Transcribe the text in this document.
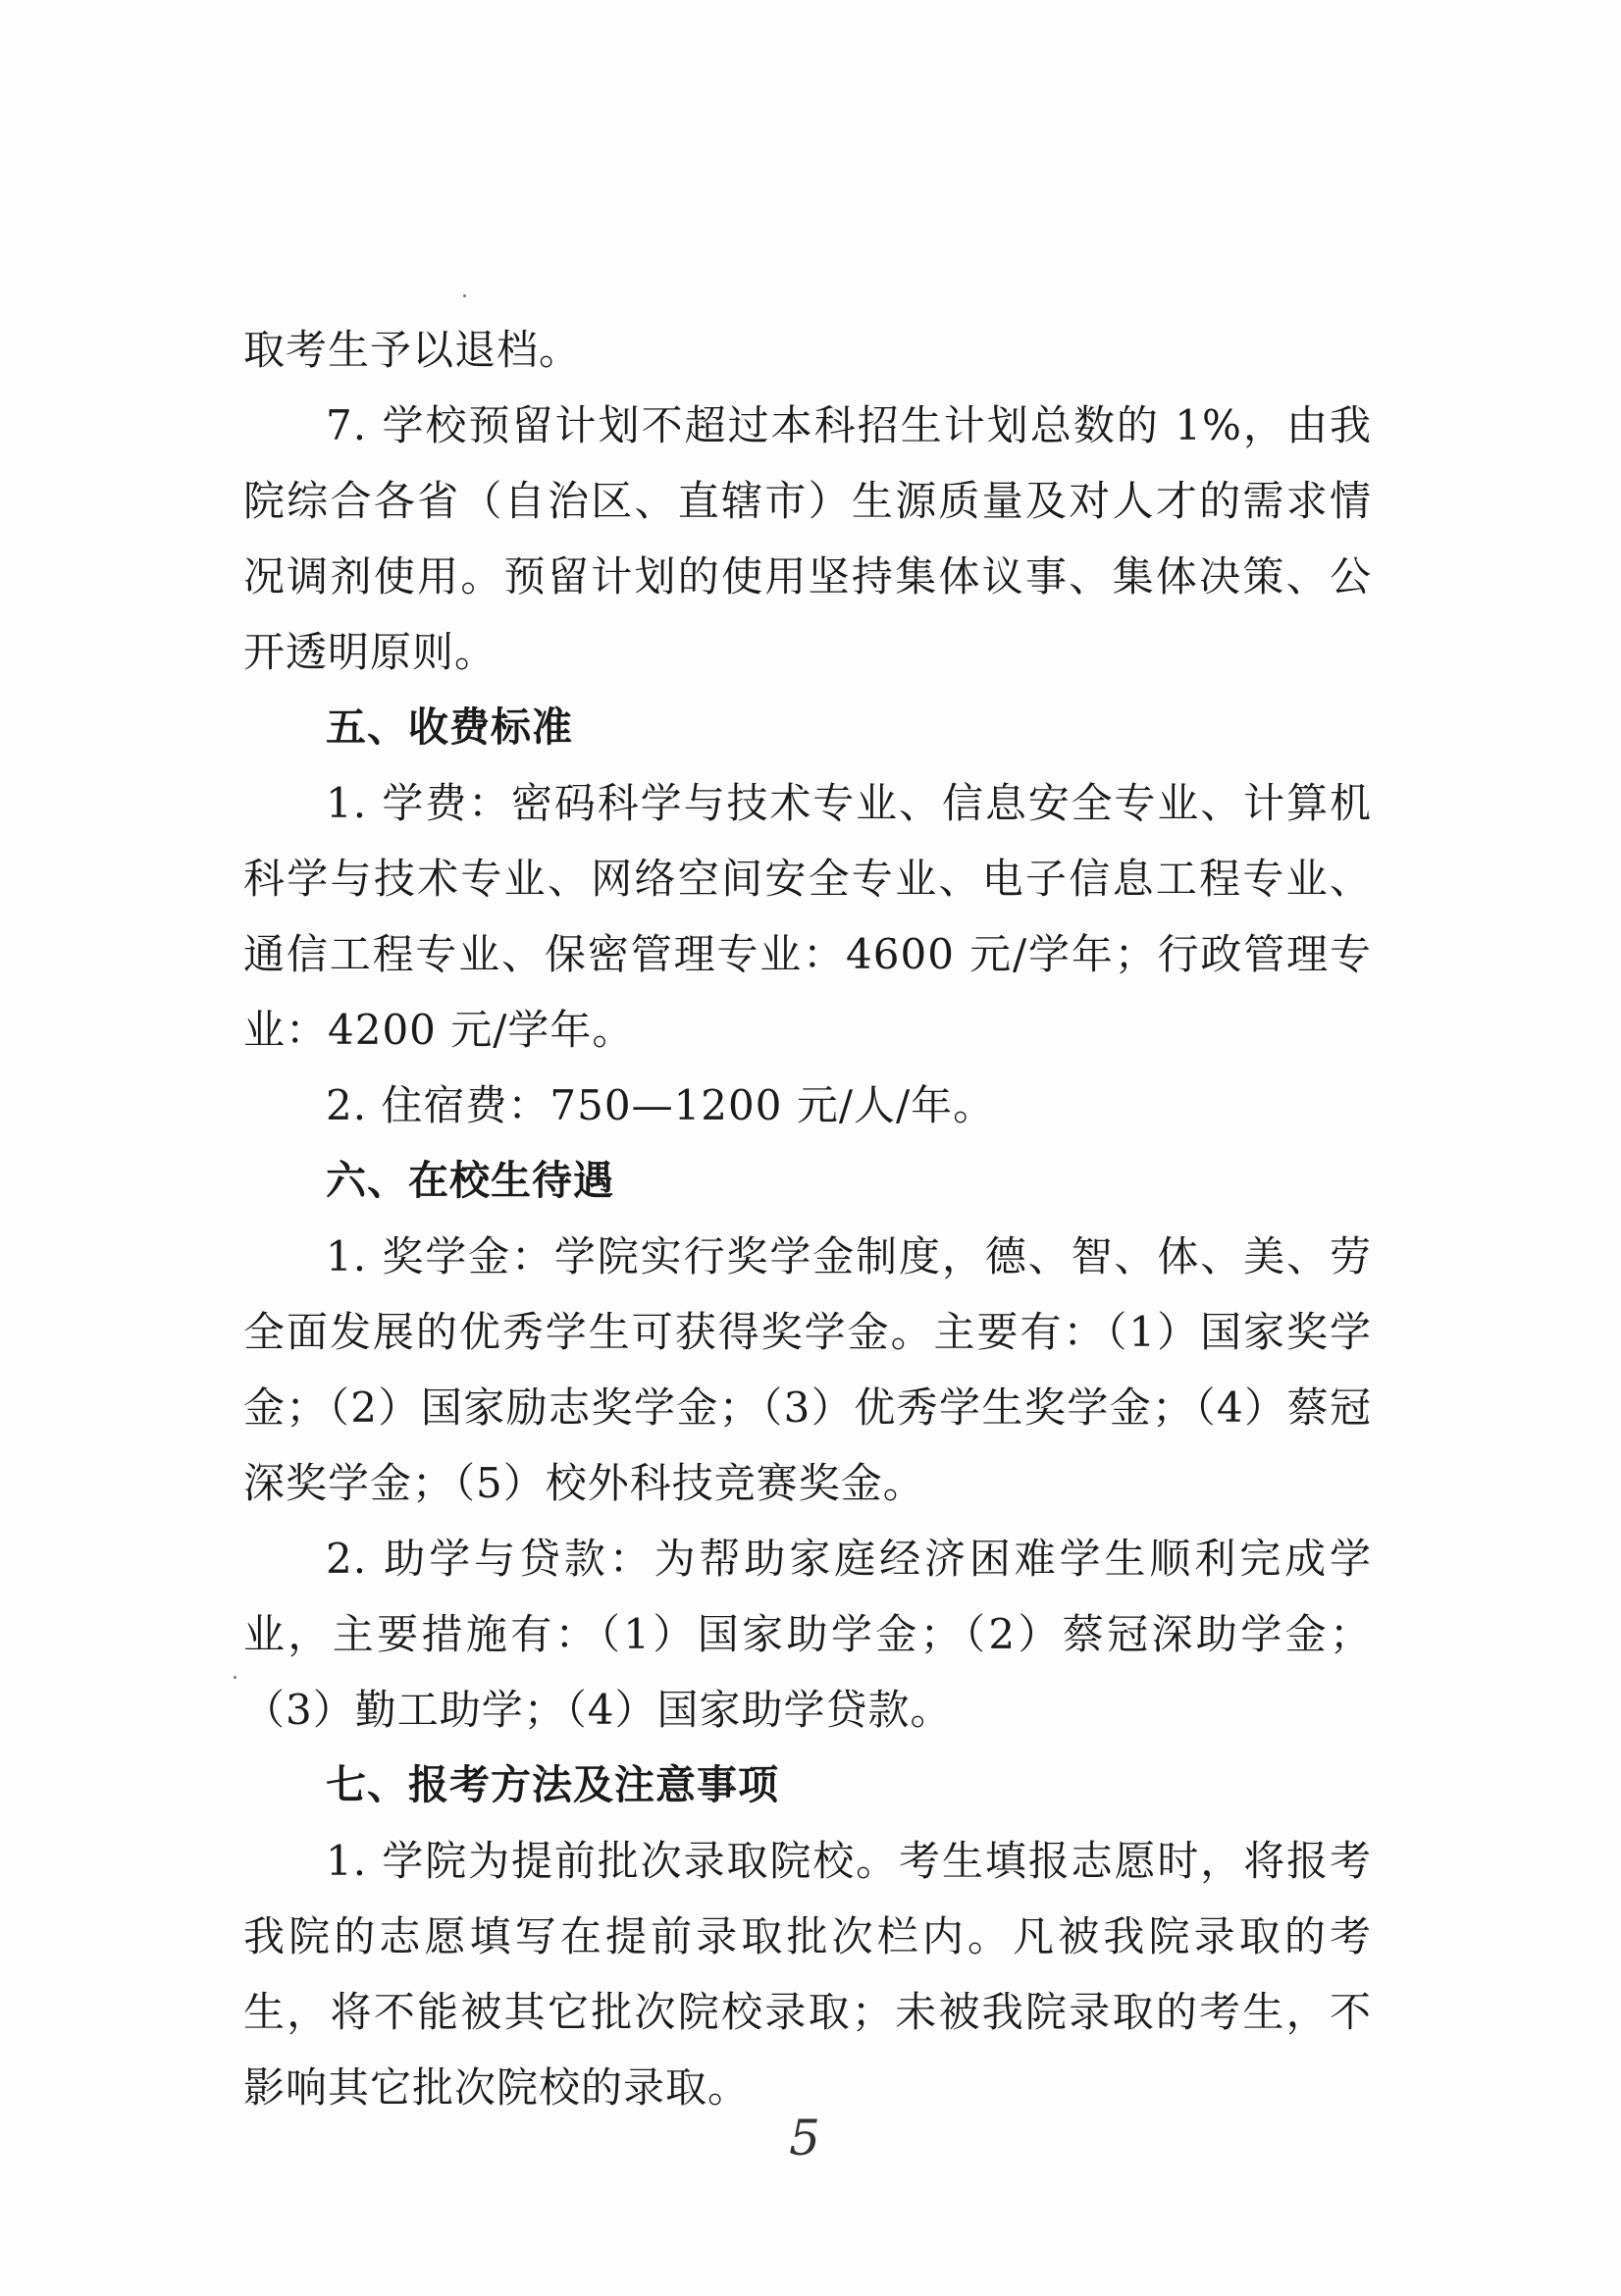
取考生予以退档。

7. 学校预留计划不超过本科招生计划总数的 1%，由我院综合各省（自治区、直辖市）生源质量及对人才的需求情况调剂使用。预留计划的使用坚持集体议事、集体决策、公开透明原则。

五、收费标准

1. 学费：密码科学与技术专业、信息安全专业、计算机科学与技术专业、网络空间安全专业、电子信息工程专业、通信工程专业、保密管理专业：4600 元/学年；行政管理专业：4200 元/学年。

2. 住宿费：750—1200 元/人/年。

六、在校生待遇

1. 奖学金：学院实行奖学金制度，德、智、体、美、劳全面发展的优秀学生可获得奖学金。主要有：（1）国家奖学金；（2）国家励志奖学金；（3）优秀学生奖学金；（4）蔡冠深奖学金；（5）校外科技竞赛奖金。

2. 助学与贷款：为帮助家庭经济困难学生顺利完成学业，主要措施有：（1）国家助学金；（2）蔡冠深助学金；（3）勤工助学；（4）国家助学贷款。

七、报考方法及注意事项

1. 学院为提前批次录取院校。考生填报志愿时，将报考我院的志愿填写在提前录取批次栏内。凡被我院录取的考生，将不能被其它批次院校录取；未被我院录取的考生，不影响其它批次院校的录取。

5
